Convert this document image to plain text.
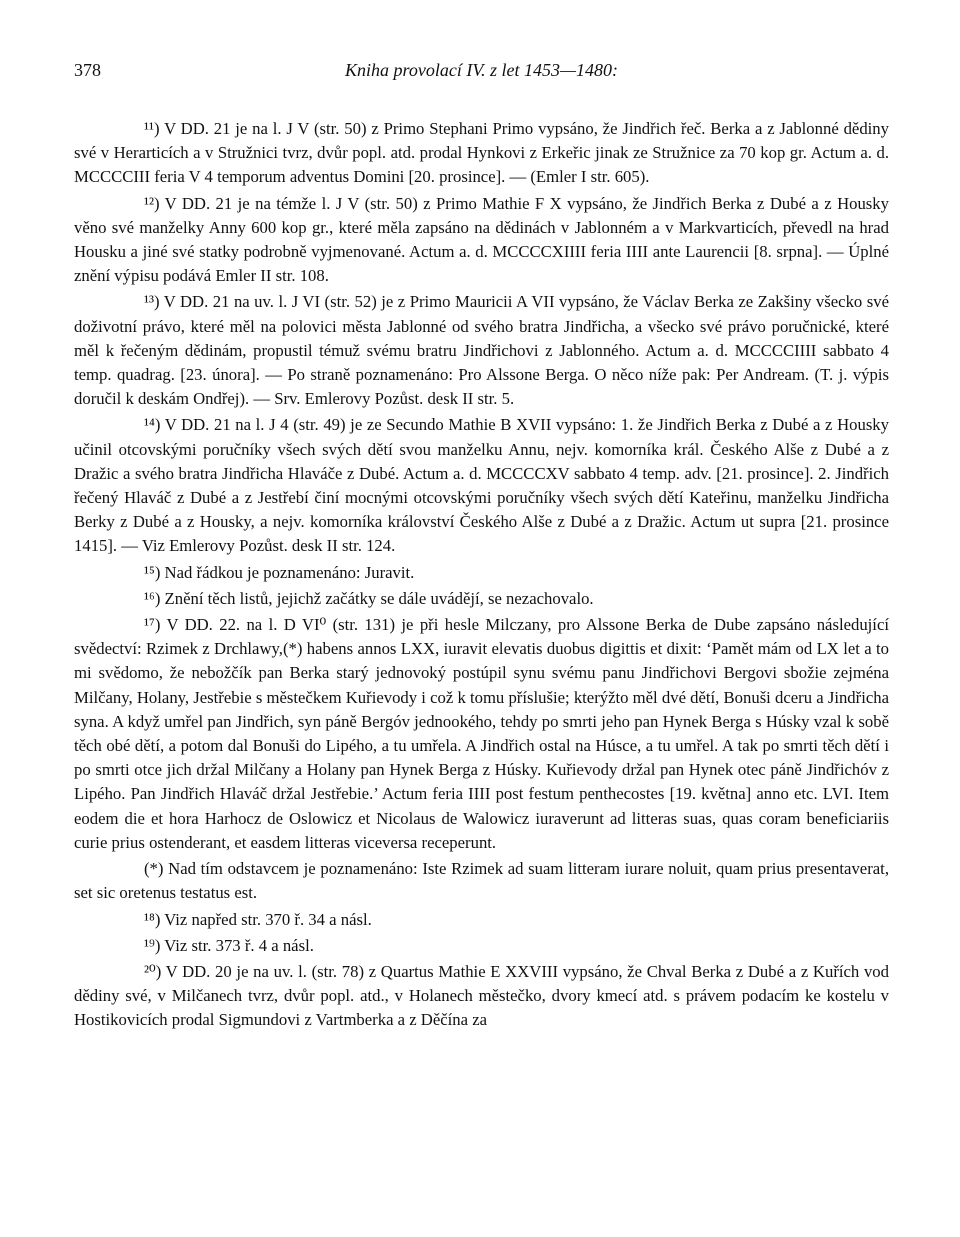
378	Kniha provolací IV. z let 1453—1480:

¹¹) V DD. 21 je na l. J V (str. 50) z Primo Stephani Primo vypsáno, že Jindřich řeč. Berka a z Jablonné dědiny své v Herarticích a v Stružnici tvrz, dvůr popl. atd. prodal Hynkovi z Erkeřic jinak ze Stružnice za 70 kop gr. Actum a. d. MCCCCIII feria V 4 temporum adventus Domini [20. prosince]. — (Emler I str. 605).

¹²) V DD. 21 je na témže l. J V (str. 50) z Primo Mathie F X vypsáno, že Jindřich Berka z Dubé a z Housky věno své manželky Anny 600 kop gr., které měla zapsáno na dědinách v Jablonném a v Markvarticích, převedl na hrad Housku a jiné své statky podrobně vyjmenované. Actum a. d. MCCCCXIIII feria IIII ante Laurencii [8. srpna]. — Úplné znění výpisu podává Emler II str. 108.

¹³) V DD. 21 na uv. l. J VI (str. 52) je z Primo Mauricii A VII vypsáno, že Václav Berka ze Zakšiny všecko své doživotní právo, které měl na polovici města Jablonné od svého bratra Jindřicha, a všecko své právo poručnické, které měl k řečeným dědinám, propustil témuž svému bratru Jindřichovi z Jablonného. Actum a. d. MCCCCIIII sabbato 4 temp. quadrag. [23. února]. — Po straně poznamenáno: Pro Alssone Berga. O něco níže pak: Per Andream. (T. j. výpis doručil k deskám Ondřej). — Srv. Emlerovy Pozůst. desk II str. 5.

¹⁴) V DD. 21 na l. J 4 (str. 49) je ze Secundo Mathie B XVII vypsáno: 1. že Jindřich Berka z Dubé a z Housky učinil otcovskými poručníky všech svých dětí svou manželku Annu, nejv. komorníka král. Českého Alše z Dubé a z Dražic a svého bratra Jindřicha Hlaváče z Dubé. Actum a. d. MCCCCXV sabbato 4 temp. adv. [21. prosince]. 2. Jindřich řečený Hlaváč z Dubé a z Jestřebí činí mocnými otcovskými poručníky všech svých dětí Kateřinu, manželku Jindřicha Berky z Dubé a z Housky, a nejv. komorníka království Českého Alše z Dubé a z Dražic. Actum ut supra [21. prosince 1415]. — Viz Emlerovy Pozůst. desk II str. 124.

¹⁵) Nad řádkou je poznamenáno: Juravit.

¹⁶) Znění těch listů, jejichž začátky se dále uvádějí, se nezachovalo.

¹⁷) V DD. 22. na l. D VI⁰ (str. 131) je při hesle Milczany, pro Alssone Berka de Dube zapsáno následující svědectví: Rzimek z Drchlawy,(*) habens annos LXX, iuravit elevatis duobus digittis et dixit: ‘Pamět mám od LX let a to mi svědomo, že nebožčík pan Berka starý jednovoký postúpil synu svému panu Jindřichovi Bergovi sbožie zejména Milčany, Holany, Jestřebie s městečkem Kuřievody i což k tomu příslušie; kterýžto měl dvé dětí, Bonuši dceru a Jindřicha syna. A když umřel pan Jindřich, syn páně Bergóv jednookého, tehdy po smrti jeho pan Hynek Berga s Húsky vzal k sobě těch obé dětí, a potom dal Bonuši do Lipého, a tu umřela. A Jindřich ostal na Húsce, a tu umřel. A tak po smrti těch dětí i po smrti otce jich držal Milčany a Holany pan Hynek Berga z Húsky. Kuřievody držal pan Hynek otec páně Jindřichóv z Lipého. Pan Jindřich Hlaváč držal Jestřebie.’ Actum feria IIII post festum penthecostes [19. května] anno etc. LVI. Item eodem die et hora Harhocz de Oslowicz et Nicolaus de Walowicz iuraverunt ad litteras suas, quas coram beneficiariis curie prius ostenderant, et easdem litteras viceversa receperunt.

(*) Nad tím odstavcem je poznamenáno: Iste Rzimek ad suam litteram iurare noluit, quam prius presentaverat, set sic oretenus testatus est.

¹⁸) Viz napřed str. 370 ř. 34 a násl.

¹⁹) Viz str. 373 ř. 4 a násl.

²⁰) V DD. 20 je na uv. l. (str. 78) z Quartus Mathie E XXVIII vypsáno, že Chval Berka z Dubé a z Kuřích vod dědiny své, v Milčanech tvrz, dvůr popl. atd., v Holanech městečko, dvory kmecí atd. s právem podacím ke kostelu v Hostikovicích prodal Sigmundovi z Vartmberka a z Děčína za
